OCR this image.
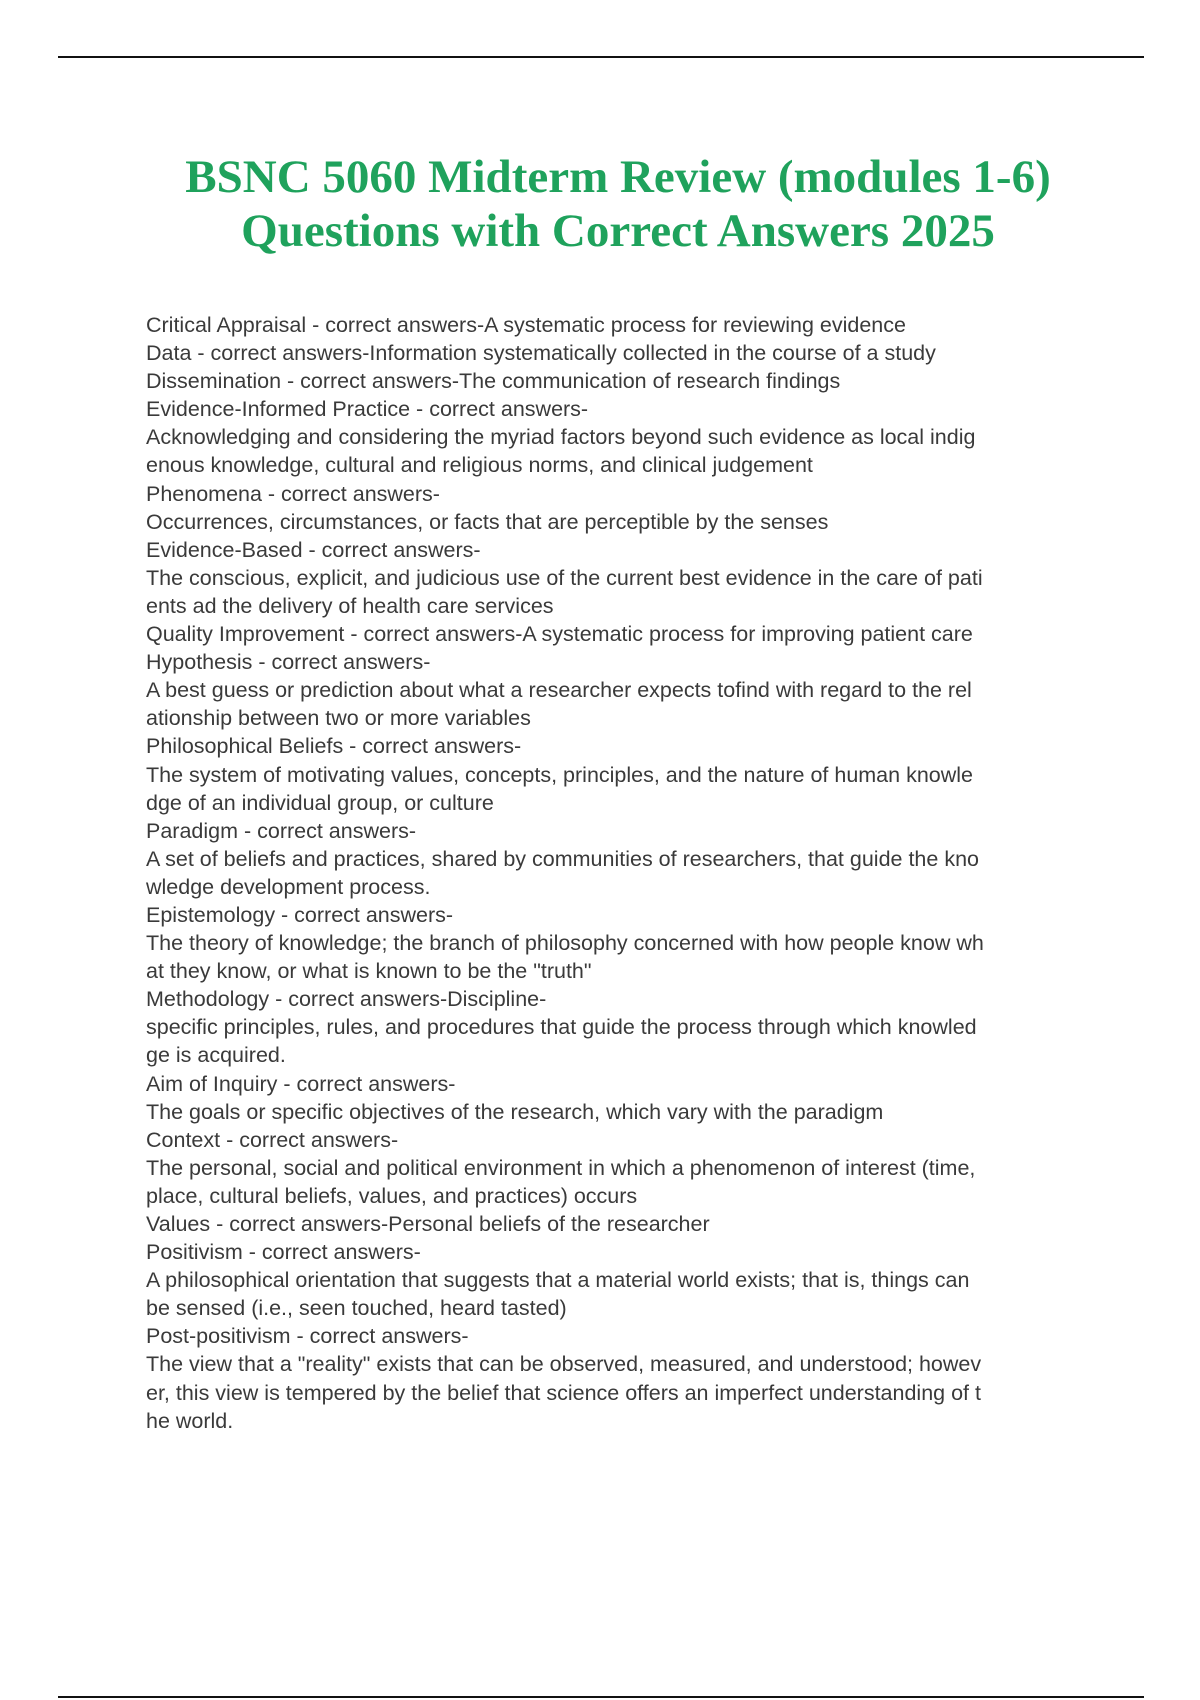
BSNC 5060 Midterm Review (modules 1-6)
Questions with Correct Answers 2025
Critical Appraisal - correct answers-A systematic process for reviewing evidence
Data - correct answers-Information systematically collected in the course of a study
Dissemination - correct answers-The communication of research findings
Evidence-Informed Practice - correct answers-
Acknowledging and considering the myriad factors beyond such evidence as local indig
enous knowledge, cultural and religious norms, and clinical judgement
Phenomena - correct answers-
Occurrences, circumstances, or facts that are perceptible by the senses
Evidence-Based - correct answers-
The conscious, explicit, and judicious use of the current best evidence in the care of pati
ents ad the delivery of health care services
Quality Improvement - correct answers-A systematic process for improving patient care
Hypothesis - correct answers-
A best guess or prediction about what a researcher expects tofind with regard to the rel
ationship between two or more variables
Philosophical Beliefs - correct answers-
The system of motivating values, concepts, principles, and the nature of human knowle
dge of an individual group, or culture
Paradigm - correct answers-
A set of beliefs and practices, shared by communities of researchers, that guide the kno
wledge development process.
Epistemology - correct answers-
The theory of knowledge; the branch of philosophy concerned with how people know wh
at they know, or what is known to be the "truth"
Methodology - correct answers-Discipline-
specific principles, rules, and procedures that guide the process through which knowled
ge is acquired.
Aim of Inquiry - correct answers-
The goals or specific objectives of the research, which vary with the paradigm
Context - correct answers-
The personal, social and political environment in which a phenomenon of interest (time,
place, cultural beliefs, values, and practices) occurs
Values - correct answers-Personal beliefs of the researcher
Positivism - correct answers-
A philosophical orientation that suggests that a material world exists; that is, things can
be sensed (i.e., seen touched, heard tasted)
Post-positivism - correct answers-
The view that a "reality" exists that can be observed, measured, and understood; howev
er, this view is tempered by the belief that science offers an imperfect understanding of t
he world.
